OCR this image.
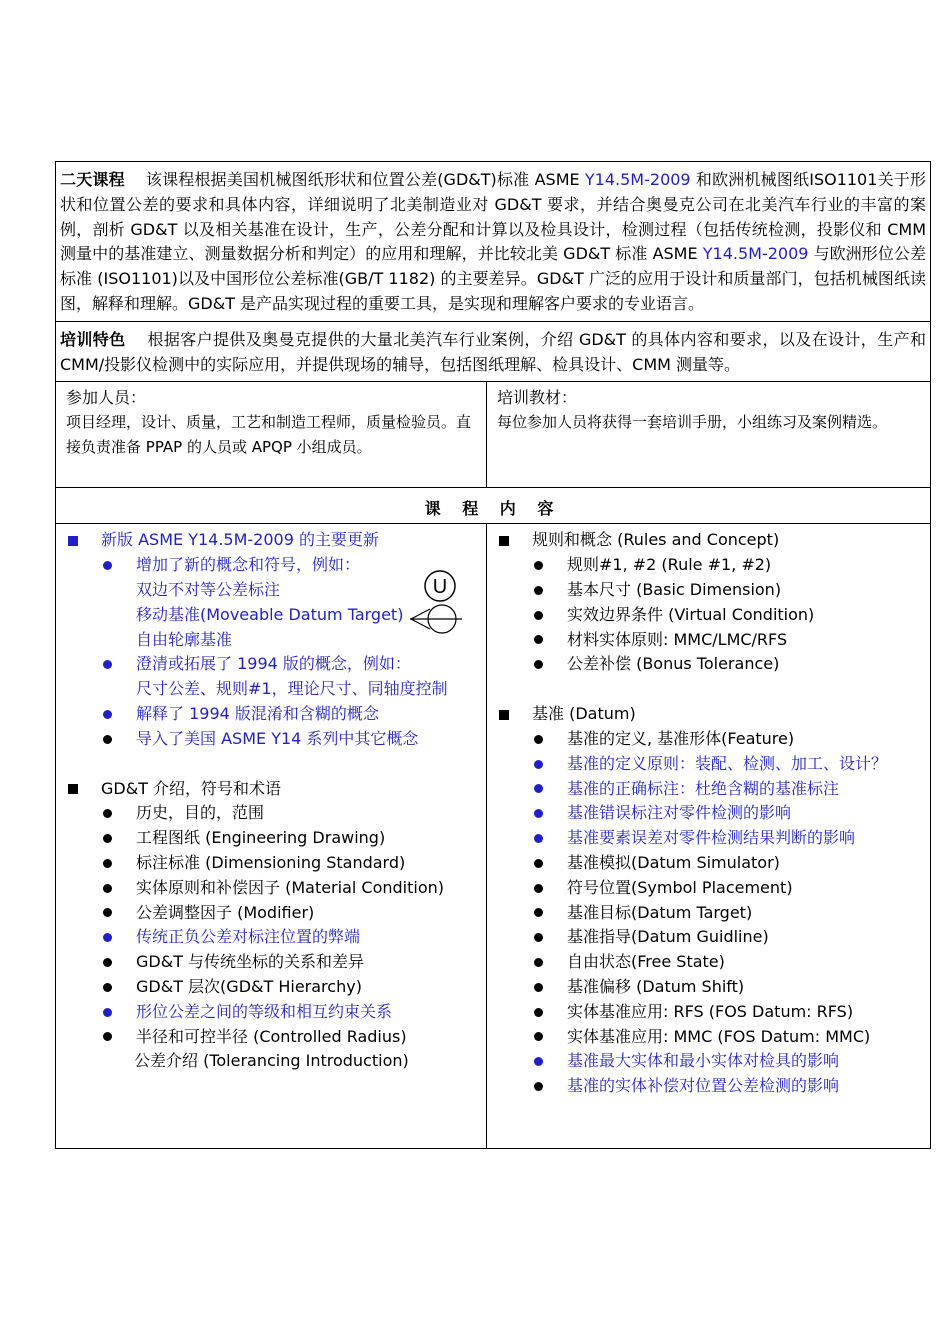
二天课程 该课程根据美国机械图纸形状和位置公差(GD&T)标准 ASME Y14.5M-2009 和欧洲机械图纸ISO1101关于形状和位置公差的要求和具体内容，详细说明了北美制造业对 GD&T 要求，并结合奥曼克公司在北美汽车行业的丰富的案例，剖析 GD&T 以及相关基准在设计，生产，公差分配和计算以及检具设计，检测过程（包括传统检测，投影仪和 CMM 测量中的基准建立、测量数据分析和判定）的应用和理解，并比较北美 GD&T 标准 ASME Y14.5M-2009 与欧洲形位公差标准 (ISO1101)以及中国形位公差标准(GB/T 1182) 的主要差异。GD&T 广泛的应用于设计和质量部门，包括机械图纸读图，解释和理解。GD&T 是产品实现过程的重要工具，是实现和理解客户要求的专业语言。
培训特色 根据客户提供及奥曼克提供的大量北美汽车行业案例，介绍 GD&T 的具体内容和要求，以及在设计，生产和 CMM/投影仪检测中的实际应用，并提供现场的辅导，包括图纸理解、检具设计、CMM 测量等。
参加人员：
项目经理，设计、质量，工艺和制造工程师，质量检验员。直接负责准备 PPAP 的人员或 APQP 小组成员。
培训教材：
每位参加人员将获得一套培训手册，小组练习及案例精选。
课 程 内 容
新版 ASME Y14.5M-2009 的主要更新
增加了新的概念和符号，例如：
双边不对等公差标注
移动基准(Moveable Datum Target)
自由轮廓基准
澄清或拓展了 1994 版的概念，例如：
尺寸公差、规则#1，理论尺寸、同轴度控制
解释了 1994 版混淆和含糊的概念
导入了美国 ASME Y14 系列中其它概念
U
GD&T 介绍，符号和术语
历史，目的，范围
工程图纸 (Engineering Drawing)
标注标准 (Dimensioning Standard)
实体原则和补偿因子 (Material Condition)
公差调整因子 (Modifier)
传统正负公差对标注位置的弊端
GD&T 与传统坐标的关系和差异
GD&T 层次(GD&T Hierarchy)
形位公差之间的等级和相互约束关系
半径和可控半径 (Controlled Radius)
公差介绍 (Tolerancing Introduction)
规则和概念 (Rules and Concept)
规则#1, #2 (Rule #1, #2)
基本尺寸 (Basic Dimension)
实效边界条件 (Virtual Condition)
材料实体原则: MMC/LMC/RFS
公差补偿 (Bonus Tolerance)
基准 (Datum)
基准的定义, 基准形体(Feature)
基准的定义原则：装配、检测、加工、设计？
基准的正确标注：杜绝含糊的基准标注
基准错误标注对零件检测的影响
基准要素误差对零件检测结果判断的影响
基准模拟(Datum Simulator)
符号位置(Symbol Placement)
基准目标(Datum Target)
基准指导(Datum Guidline)
自由状态(Free State)
基准偏移 (Datum Shift)
实体基准应用: RFS (FOS Datum: RFS)
实体基准应用: MMC (FOS Datum: MMC)
基准最大实体和最小实体对检具的影响
基准的实体补偿对位置公差检测的影响
